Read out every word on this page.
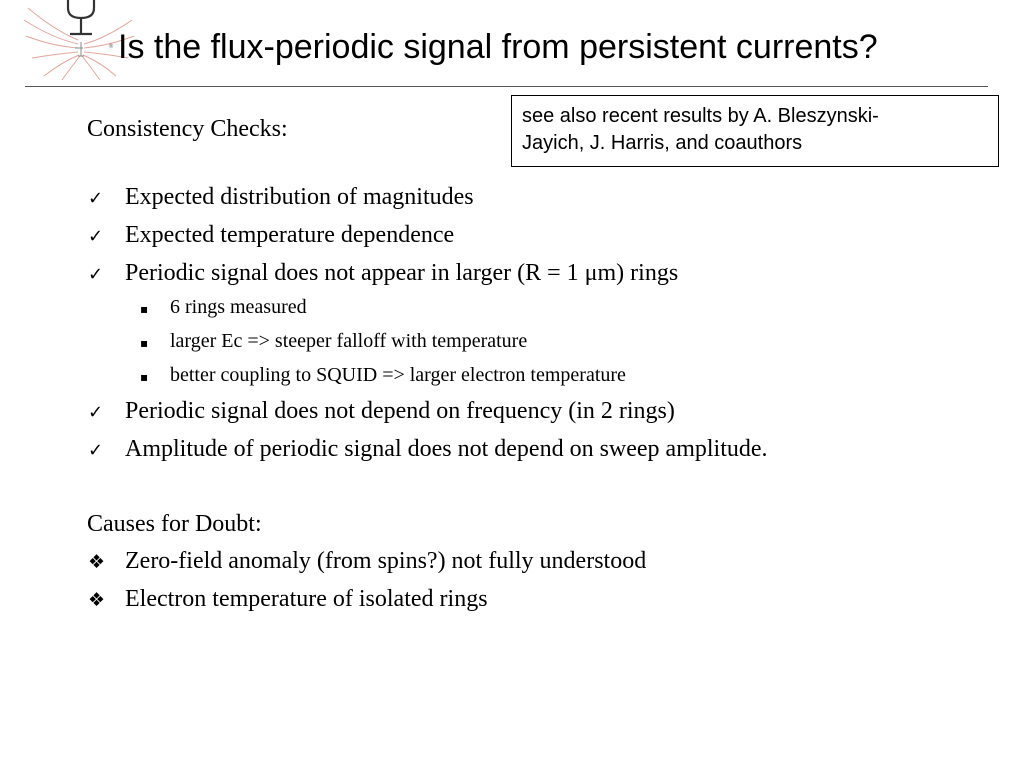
® Is the flux-periodic signal from persistent currents?
see also recent results by A. Bleszynski-
Jayich, J. Harris, and coauthors
Consistency Checks:
✓ Expected distribution of magnitudes
✓ Expected temperature dependence
✓ Periodic signal does not appear in larger (R = 1 μm) rings
▪	6 rings measured
▪	larger Ec => steeper falloff with temperature
▪	better coupling to SQUID => larger electron temperature
✓ Periodic signal does not depend on frequency (in 2 rings)
✓ Amplitude of periodic signal does not depend on sweep amplitude.
Causes for Doubt:
❖ Zero-field anomaly (from spins?) not fully understood
❖ Electron temperature of isolated rings
